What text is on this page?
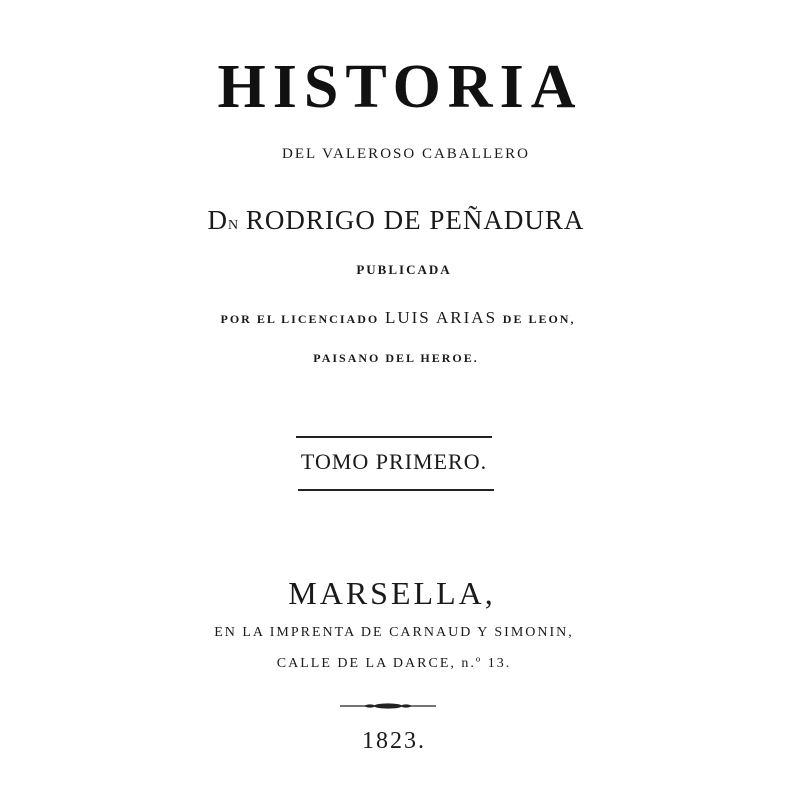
HISTORIA
DEL VALEROSO CABALLERO
DN RODRIGO DE PEÑADURA
PUBLICADA
POR EL LICENCIADO LUIS ARIAS DE LEON,
PAISANO DEL HEROE.
TOMO PRIMERO.
MARSELLA,
EN LA IMPRENTA DE CARNAUD Y SIMONIN,
CALLE DE LA DARCE, n.º 13.
1823.
